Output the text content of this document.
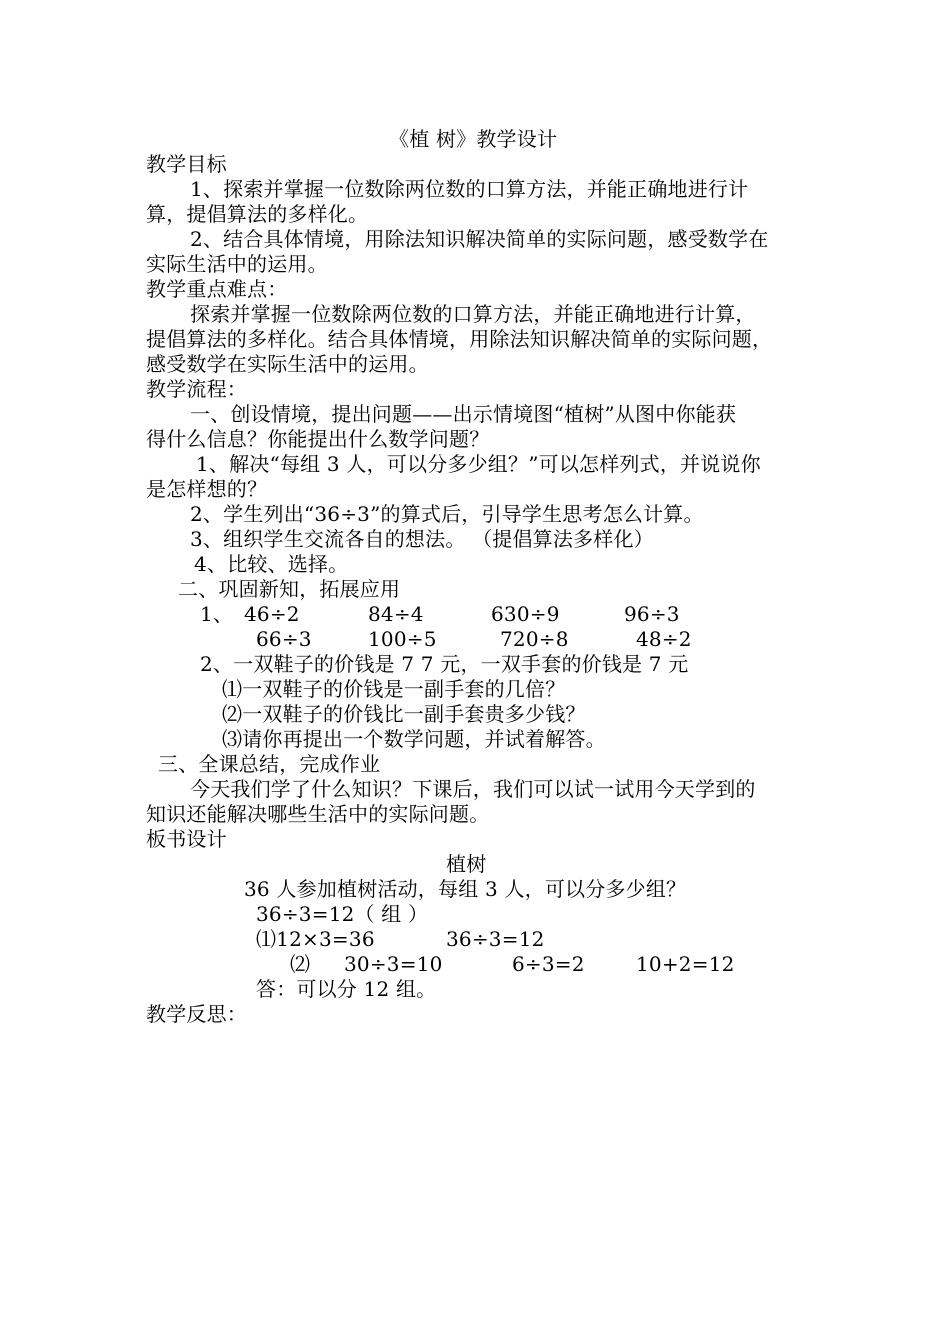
《植 树》教学设计
教学目标
1、探索并掌握一位数除两位数的口算方法，并能正确地进行计
算，提倡算法的多样化。
2、结合具体情境，用除法知识解决简单的实际问题，感受数学在
实际生活中的运用。
教学重点难点：
探索并掌握一位数除两位数的口算方法，并能正确地进行计算，
提倡算法的多样化。结合具体情境，用除法知识解决简单的实际问题，
感受数学在实际生活中的运用。
教学流程：
一、创设情境，提出问题——出示情境图“植树”从图中你能获
得什么信息？你能提出什么数学问题？
1、解决“每组 3 人，可以分多少组？”可以怎样列式，并说说你
是怎样想的？
2、学生列出“36÷3”的算式后，引导学生思考怎么计算。
3、组织学生交流各自的想法。 （提倡算法多样化）
4、比较、选择。
二、巩固新知，拓展应用
1、 46÷2	84÷4	630÷9	96÷3
66÷3	100÷5	720÷8	48÷2
2、一双鞋子的价钱是 7 7 元，一双手套的价钱是 7 元
⑴一双鞋子的价钱是一副手套的几倍？
⑵一双鞋子的价钱比一副手套贵多少钱？
⑶请你再提出一个数学问题，并试着解答。
三、全课总结，完成作业
今天我们学了什么知识？下课后，我们可以试一试用今天学到的
知识还能解决哪些生活中的实际问题。
板书设计
植树
36 人参加植树活动，每组 3 人，可以分多少组？
36÷3=12（ 组 ）
⑴12×3=36	36÷3=12
⑵ 30÷3=10	6÷3=2	10+2=12
答：可以分 12 组。
教学反思：
